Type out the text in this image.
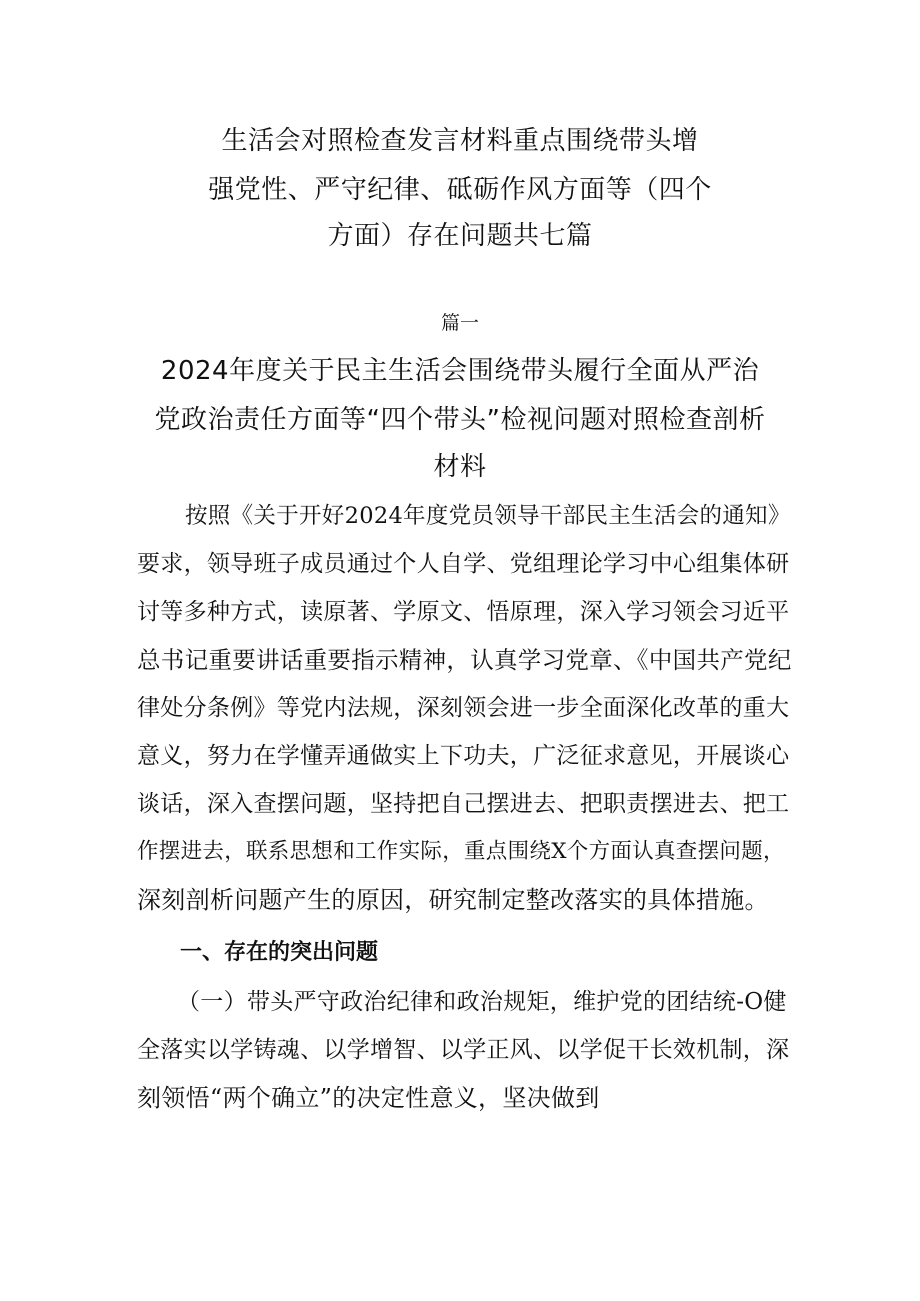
生活会对照检查发言材料重点围绕带头增
强党性、严守纪律、砥砺作风方面等（四个
方面）存在问题共七篇
篇一
2024年度关于民主生活会围绕带头履行全面从严治
党政治责任方面等“四个带头”检视问题对照检查剖析
材料
按照《关于开好2024年度党员领导干部民主生活会的通知》
要求，领导班子成员通过个人自学、党组理论学习中心组集体研
讨等多种方式，读原著、学原文、悟原理，深入学习领会习近平
总书记重要讲话重要指示精神，认真学习党章、《中国共产党纪
律处分条例》等党内法规，深刻领会进一步全面深化改革的重大
意义，努力在学懂弄通做实上下功夫，广泛征求意见，开展谈心
谈话，深入查摆问题，坚持把自己摆进去、把职责摆进去、把工
作摆进去，联系思想和工作实际，重点围绕X个方面认真查摆问题，
深刻剖析问题产生的原因，研究制定整改落实的具体措施。
一、存在的突出问题
（一）带头严守政治纪律和政治规矩，维护党的团结统-O健
全落实以学铸魂、以学增智、以学正风、以学促干长效机制，深
刻领悟“两个确立”的决定性意义，坚决做到
